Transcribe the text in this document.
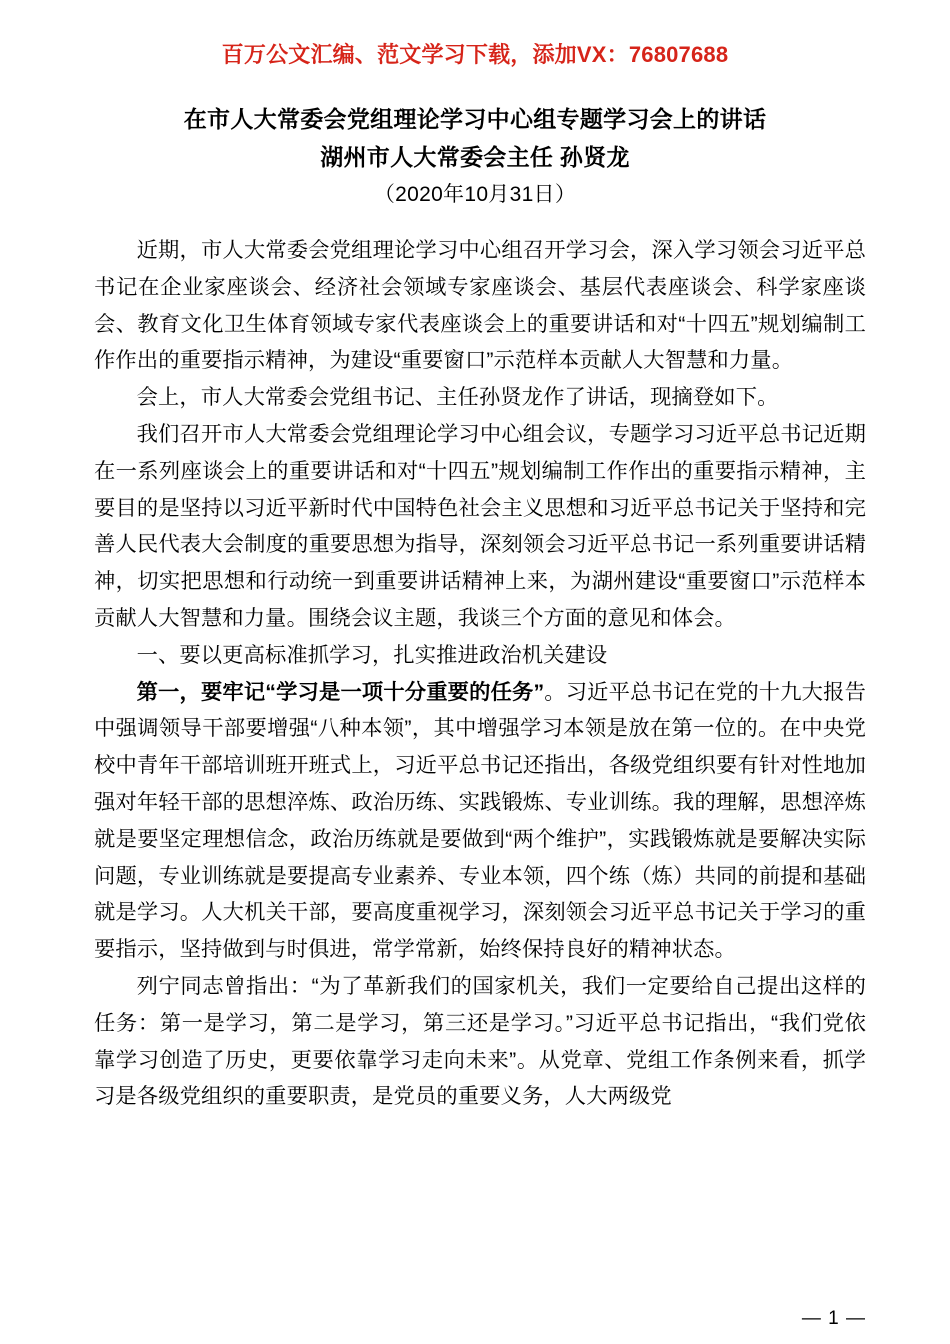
百万公文汇编、范文学习下载，添加VX：76807688
在市人大常委会党组理论学习中心组专题学习会上的讲话
湖州市人大常委会主任 孙贤龙
（2020年10月31日）

近期，市人大常委会党组理论学习中心组召开学习会，深入学习领会习近平总书记在企业家座谈会、经济社会领域专家座谈会、基层代表座谈会、科学家座谈会、教育文化卫生体育领域专家代表座谈会上的重要讲话和对“十四五”规划编制工作作出的重要指示精神，为建设“重要窗口”示范样本贡献人大智慧和力量。

会上，市人大常委会党组书记、主任孙贤龙作了讲话，现摘登如下。

我们召开市人大常委会党组理论学习中心组会议，专题学习习近平总书记近期在一系列座谈会上的重要讲话和对“十四五”规划编制工作作出的重要指示精神，主要目的是坚持以习近平新时代中国特色社会主义思想和习近平总书记关于坚持和完善人民代表大会制度的重要思想为指导，深刻领会习近平总书记一系列重要讲话精神，切实把思想和行动统一到重要讲话精神上来，为湖州建设“重要窗口”示范样本贡献人大智慧和力量。围绕会议主题，我谈三个方面的意见和体会。

一、要以更高标准抓学习，扎实推进政治机关建设

第一，要牢记“学习是一项十分重要的任务”。习近平总书记在党的十九大报告中强调领导干部要增强“八种本领”，其中增强学习本领是放在第一位的。在中央党校中青年干部培训班开班式上，习近平总书记还指出，各级党组织要有针对性地加强对年轻干部的思想淬炼、政治历练、实践锻炼、专业训练。我的理解，思想淬炼就是要坚定理想信念，政治历练就是要做到“两个维护”，实践锻炼就是要解决实际问题，专业训练就是要提高专业素养、专业本领，四个练（炼）共同的前提和基础就是学习。人大机关干部，要高度重视学习，深刻领会习近平总书记关于学习的重要指示，坚持做到与时俱进，常学常新，始终保持良好的精神状态。

列宁同志曾指出：“为了革新我们的国家机关，我们一定要给自己提出这样的任务：第一是学习，第二是学习，第三还是学习。”习近平总书记指出，“我们党依靠学习创造了历史，更要依靠学习走向未来”。从党章、党组工作条例来看，抓学习是各级党组织的重要职责，是党员的重要义务，人大两级党

— 1 —
